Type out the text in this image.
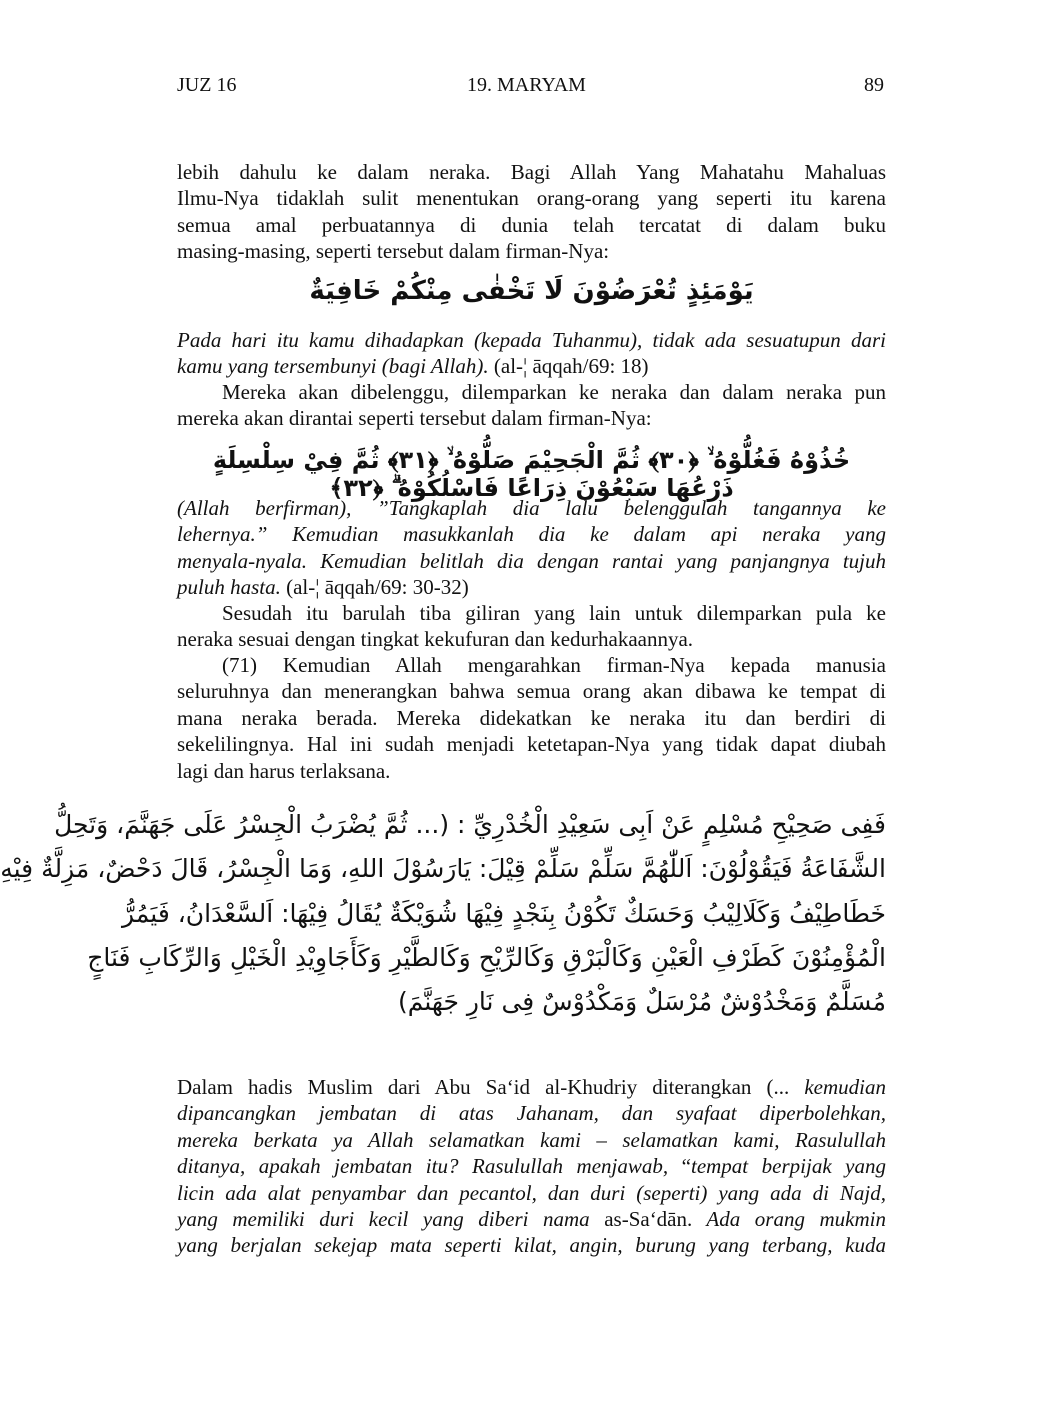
JUZ 16	19. MARYAM	89
lebih dahulu ke dalam neraka. Bagi Allah Yang Mahatahu Mahaluas
Ilmu-Nya tidaklah sulit menentukan orang-orang yang seperti itu karena
semua amal perbuatannya di dunia telah tercatat di dalam buku
masing-masing, seperti tersebut dalam firman-Nya:
يَوْمَئِذٍ تُعْرَضُوْنَ لَا تَخْفٰى مِنْكُمْ خَافِيَةٌ
Pada hari itu kamu dihadapkan (kepada Tuhanmu), tidak ada sesuatupun dari
kamu yang tersembunyi (bagi Allah). (al-¦ āqqah/69: 18)
Mereka akan dibelenggu, dilemparkan ke neraka dan dalam neraka pun
mereka akan dirantai seperti tersebut dalam firman-Nya:
خُذُوْهُ فَغُلُّوْهُ ۙ ﴿٣٠﴾ ثُمَّ الْجَحِيْمَ صَلُّوْهُ ۙ ﴿٣١﴾ ثُمَّ فِيْ سِلْسِلَةٍ ذَرْعُهَا سَبْعُوْنَ ذِرَاعًا فَاسْلُكُوْهُ ۗ ﴿٣٢﴾
(Allah berfirman), ”Tangkaplah dia lalu belenggulah tangannya ke
lehernya.” Kemudian masukkanlah dia ke dalam api neraka yang
menyala-nyala. Kemudian belitlah dia dengan rantai yang panjangnya tujuh
puluh hasta. (al-¦ āqqah/69: 30-32)
Sesudah itu barulah tiba giliran yang lain untuk dilemparkan pula ke
neraka sesuai dengan tingkat kekufuran dan kedurhakaannya.
(71) Kemudian Allah mengarahkan firman-Nya kepada manusia
seluruhnya dan menerangkan bahwa semua orang akan dibawa ke tempat di
mana neraka berada. Mereka didekatkan ke neraka itu dan berdiri di
sekelilingnya. Hal ini sudah menjadi ketetapan-Nya yang tidak dapat diubah
lagi dan harus terlaksana.
فَفِى صَحِيْحِ مُسْلِمٍ عَنْ اَبِى سَعِيْدِ الْخُدْرِيِّ : (... ثُمَّ يُضْرَبُ الْجِسْرُ عَلَى جَهَنَّمَ، وَتَحِلُّ
الشَّفَاعَةُ فَيَقُوْلُوْنَ: اَللّٰهُمَّ سَلِّمْ سَلِّمْ قِيْلَ: يَارَسُوْلَ اللهِ، وَمَا الْجِسْرُ، قَالَ دَحْضٌ، مَزِلَّةٌ فِيْهِ
خَطَاطِيْفُ وَكَلَالِيْبُ وَحَسَكٌ تَكُوْنُ بِنَجْدٍ فِيْهَا شُوَيْكَةٌ يُقَالُ فِيْهَا: اَلسَّعْدَانُ، فَيَمُرُّ
الْمُؤْمِنُوْنَ كَطَرْفِ الْعَيْنِ وَكَالْبَرْقِ وَكَالرِّيْحِ وَكَالطَّيْرِ وَكَأَجَاوِيْدِ الْخَيْلِ وَالرِّكَابِ فَنَاجٍ
مُسَلَّمٌ وَمَخْدُوْشٌ مُرْسَلٌ وَمَكْدُوْسٌ فِى نَارِ جَهَنَّمَ)
Dalam hadis Muslim dari Abu Sa‘id al-Khudriy diterangkan (... kemudian
dipancangkan jembatan di atas Jahanam, dan syafaat diperbolehkan,
mereka berkata ya Allah selamatkan kami – selamatkan kami, Rasulullah
ditanya, apakah jembatan itu? Rasulullah menjawab, “tempat berpijak yang
licin ada alat penyambar dan pecantol, dan duri (seperti) yang ada di Najd,
yang memiliki duri kecil yang diberi nama as-Sa‘dān. Ada orang mukmin
yang berjalan sekejap mata seperti kilat, angin, burung yang terbang, kuda
